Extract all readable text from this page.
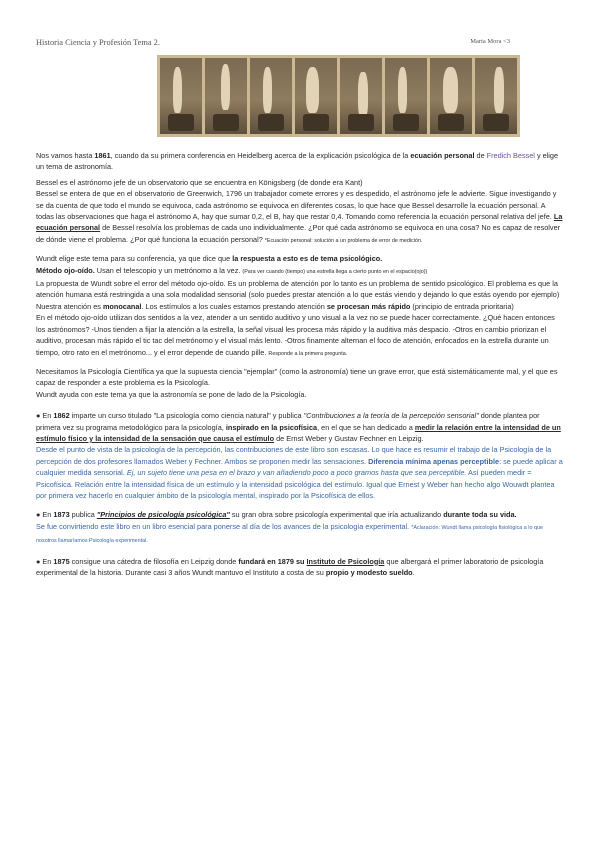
Historia Ciencia y Profesión Tema 2.	Marta Mora <3

Nos vamos hasta 1861, cuando da su primera conferencia en Heidelberg acerca de la explicación psicológica de la ecuación personal de Fredich Bessel y elige un tema de astronomía.

Bessel es el astrónomo jefe de un observatorio que se encuentra en Königsberg (de donde era Kant)

Bessel se entera de que en el observatorio de Greenwich, 1796 un trabajador comete errores y es despedido, el astrónomo jefe le advierte. Sigue investigando y se da cuenta de que todo el mundo se equivoca, cada astrónomo se equivoca en diferentes cosas, lo que hace que Bessel desarrolle la ecuación personal. A todas las observaciones que haga el astrónomo A, hay que sumar 0,2, el B, hay que restar 0,4. Tomando como referencia la ecuación personal relativa del jefe. La ecuación personal de Bessel resolvía los problemas de cada uno individualmente. ¿Por qué cada astrónomo se equivoca en una cosa? No es capaz de resolver de dónde viene el problema. ¿Por qué funciona la ecuación personal? *Ecuación personal: solución a un problema de error de medición.

Wundt elige este tema para su conferencia, ya que dice que la respuesta a esto es de tema psicológico.
Método ojo-oído. Usan el telescopio y un metrónomo a la vez. (Para ver cuando (tiempo) una estrella llega a cierto punto en el espacio(ojo))
La propuesta de Wundt sobre el error del método ojo-oído. Es un problema de atención por lo tanto es un problema de sentido psicológico. El problema es que la atención humana está restringida a una sola modalidad sensorial (solo puedes prestar atención a lo que estás viendo y dejando lo que estás oyendo por ejemplo) Nuestra atención es monocanal. Los estímulos a los cuales estamos prestando atención se procesan más rápido (principio de entrada prioritaria)
En el método ojo-oído utilizan dos sentidos a la vez, atender a un sentido auditivo y uno visual a la vez no se puede hacer correctamente. ¿Qué hacen entonces los astrónomos? -Unos tienden a fijar la atención a la estrella, la señal visual les procesa más rápido y la auditiva más despacio. -Otros en cambio priorizan el auditivo, procesan más rápido el tic tac del metrónomo y el visual más lento. -Otros finamente alternan el foco de atención, enfocados en la estrella durante un tiempo, otro rato en el metrónomo... y el error depende de cuando pille. Responde a la primera pregunta.

Necesitamos la Psicología Científica ya que la supuesta ciencia "ejemplar" (como la astronomía) tiene un grave error, que está sistemáticamente mal, y el que es capaz de responder a este problema es la Psicología.
Wundt ayuda con este tema ya que la astronomía se pone de lado de la Psicología.

● En 1862 imparte un curso titulado "La psicología como ciencia natural" y publica "Contribuciones a la teoría de la percepción sensorial" donde plantea por primera vez su programa metodológico para la psicología, inspirado en la psicofísica, en el que se han dedicado a medir la relación entre la intensidad de un estímulo físico y la intensidad de la sensación que causa el estímulo de Ernst Weber y Gustav Fechner en Leipzig.
Desde el punto de vista de la psicología de la percepción, las contribuciones de este libro son escasas. Lo que hace es resumir el trabajo de la Psicología de la percepción de dos profesores llamados Weber y Fechner. Ambos se proponen medir las sensaciones. Diferencia mínima apenas perceptible: se puede aplicar a cualquier medida sensorial. Ej, un sujeto tiene una pesa en el brazo y van añadiendo poco a poco gramos hasta que sea perceptible. Así pueden medir = Psicofísica. Relación entre la intensidad física de un estímulo y la intensidad psicológica del estímulo. Igual que Ernest y Weber han hecho algo Wouwdt plantea por primera vez hacerlo en cualquier ámbito de la psicología mental, inspirado por la Psicofísica de ellos.

● En 1873 publica "Principios de psicología psicológica" su gran obra sobre psicología experimental que iría actualizando durante toda su vida.
Se fue convirtiendo este libro en un libro esencial para ponerse al día de los avances de la psicología experimental. *Aclaración: Wundt llama psicología fisiológica a lo que nosotros llamaríamos Psicología experimental.

● En 1875 consigue una cátedra de filosofía en Leipzig donde fundará en 1879 su Instituto de Psicología que albergará el primer laboratorio de psicología experimental de la historia. Durante casi 3 años Wundt mantuvo el Instituto a costa de su propio y modesto sueldo.
